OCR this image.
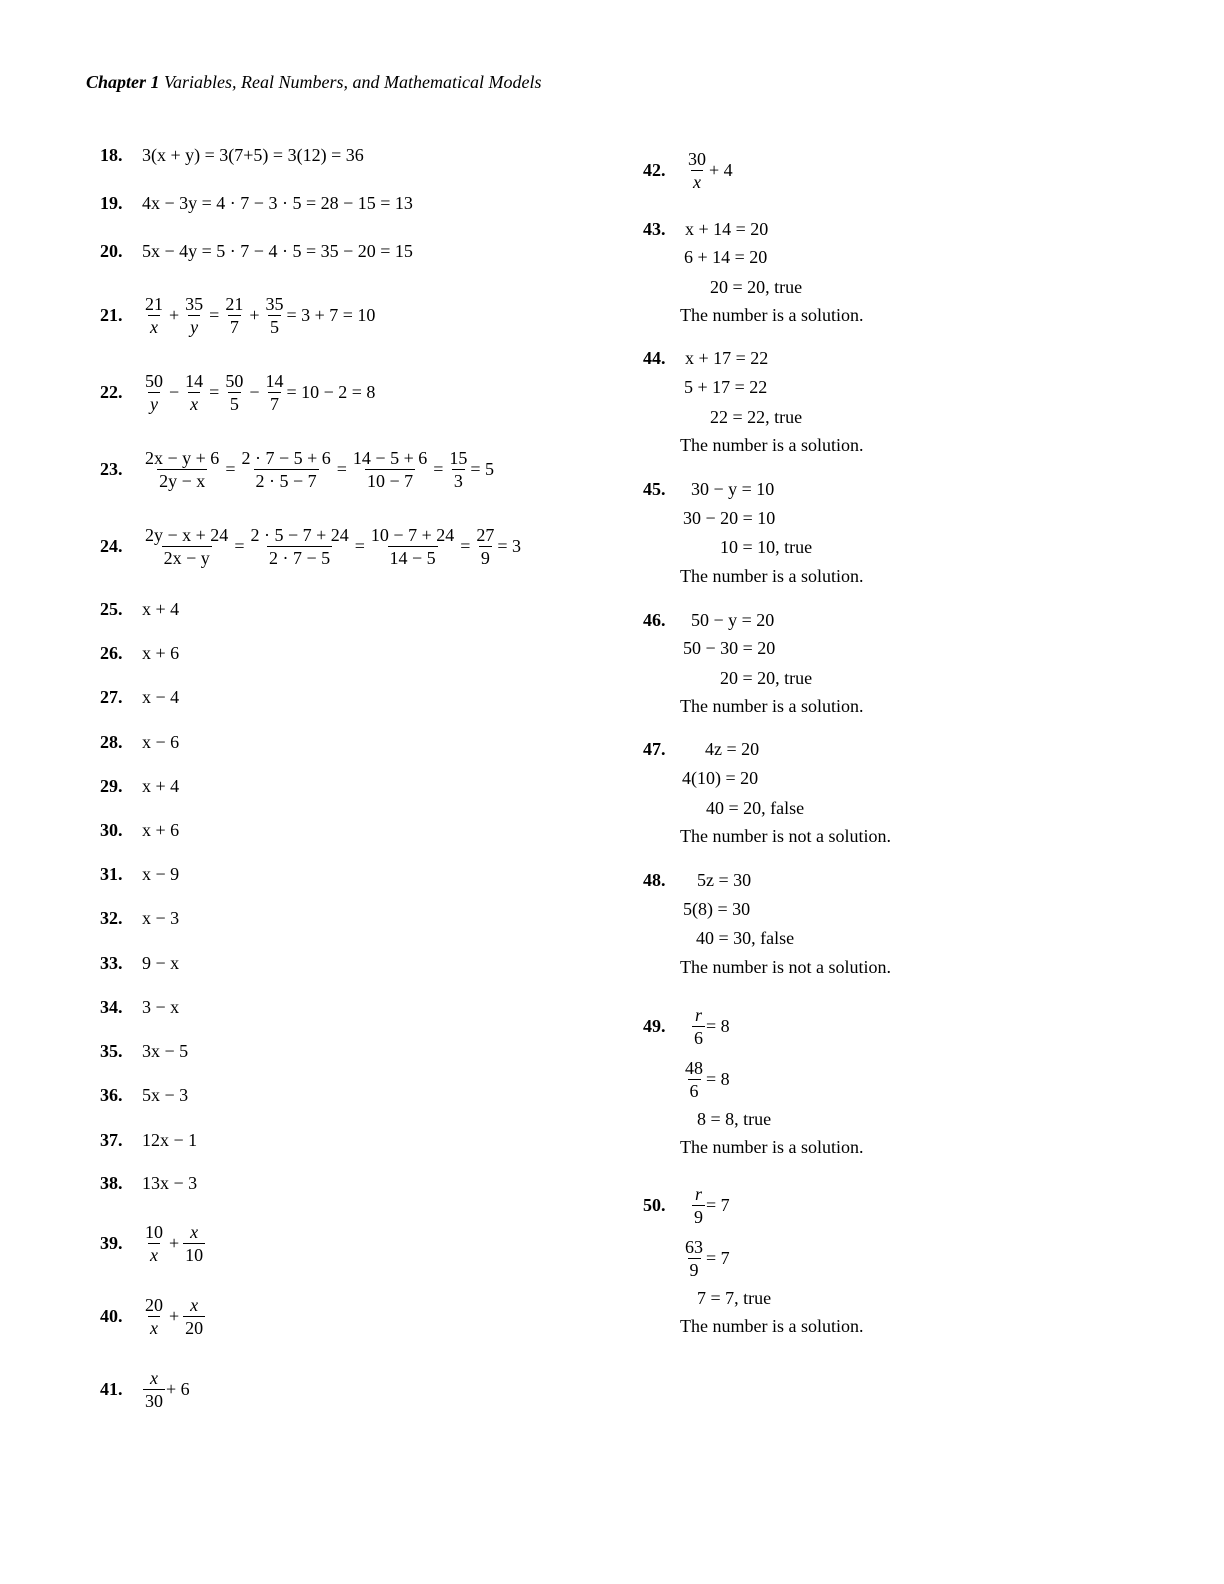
Chapter 1 Variables, Real Numbers, and Mathematical Models
18.	3(x + y) = 3(7+5) = 3(12) = 36
19.	4x − 3y = 4 · 7 − 3 · 5 = 28 − 15 = 13
20.	5x − 4y = 5 · 7 − 4 · 5 = 35 − 20 = 15
21.	$\frac{21}{x} + \frac{35}{y} = \frac{21}{7} + \frac{35}{5} = 3 + 7 = 10$
22.	$\frac{50}{y} - \frac{14}{x} = \frac{50}{5} - \frac{14}{7} = 10 - 2 = 8$
23.	$\frac{2x - y + 6}{2y - x} = \frac{2 \cdot 7 - 5 + 6}{2 \cdot 5 - 7} = \frac{14 - 5 + 6}{10 - 7} = \frac{15}{3} = 5$
24.	$\frac{2y - x + 24}{2x - y} = \frac{2 \cdot 5 - 7 + 24}{2 \cdot 7 - 5} = \frac{10 - 7 + 24}{14 - 5} = \frac{27}{9} = 3$
25.	x + 4
26.	x + 6
27.	x − 4
28.	x − 6
29.	x + 4
30.	x + 6
31.	x − 9
32.	x − 3
33.	9 − x
34.	3 − x
35.	3x − 5
36.	5x − 3
37.	12x − 1
38.	13x − 3
39.	$\frac{10}{x} + \frac{x}{10}$
40.	$\frac{20}{x} + \frac{x}{20}$
41.	$\frac{x}{30} + 6$
42.	$\frac{30}{x} + 4$
43.	x + 14 = 20
6 + 14 = 20
20 = 20, true
The number is a solution.
44.	x + 17 = 22
5 + 17 = 22
22 = 22, true
The number is a solution.
45.	30 − y = 10
30 − 20 = 10
10 = 10, true
The number is a solution.
46.	50 − y = 20
50 − 30 = 20
20 = 20, true
The number is a solution.
47.	4z = 20
4(10) = 20
40 = 20, false
The number is not a solution.
48.	5z = 30
5(8) = 30
40 = 30, false
The number is not a solution.
49.	$\frac{r}{6} = 8$
$\frac{48}{6} = 8$
8 = 8, true
The number is a solution.
50.	$\frac{r}{9} = 7$
$\frac{63}{9} = 7$
7 = 7, true
The number is a solution.
